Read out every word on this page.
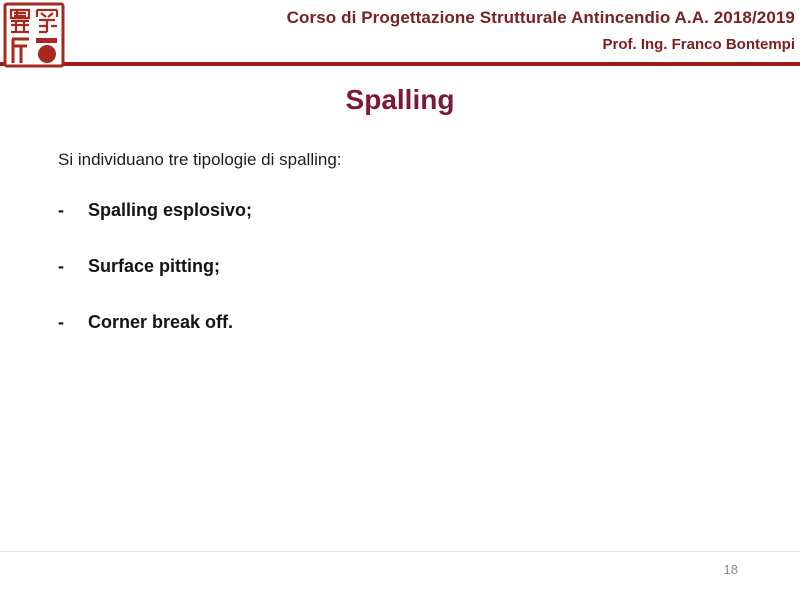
Corso di Progettazione Strutturale Antincendio A.A. 2018/2019
Prof. Ing. Franco Bontempi
Spalling
Si individuano tre tipologie di spalling:
-	Spalling esplosivo;
-	Surface pitting;
-	Corner break off.
18
